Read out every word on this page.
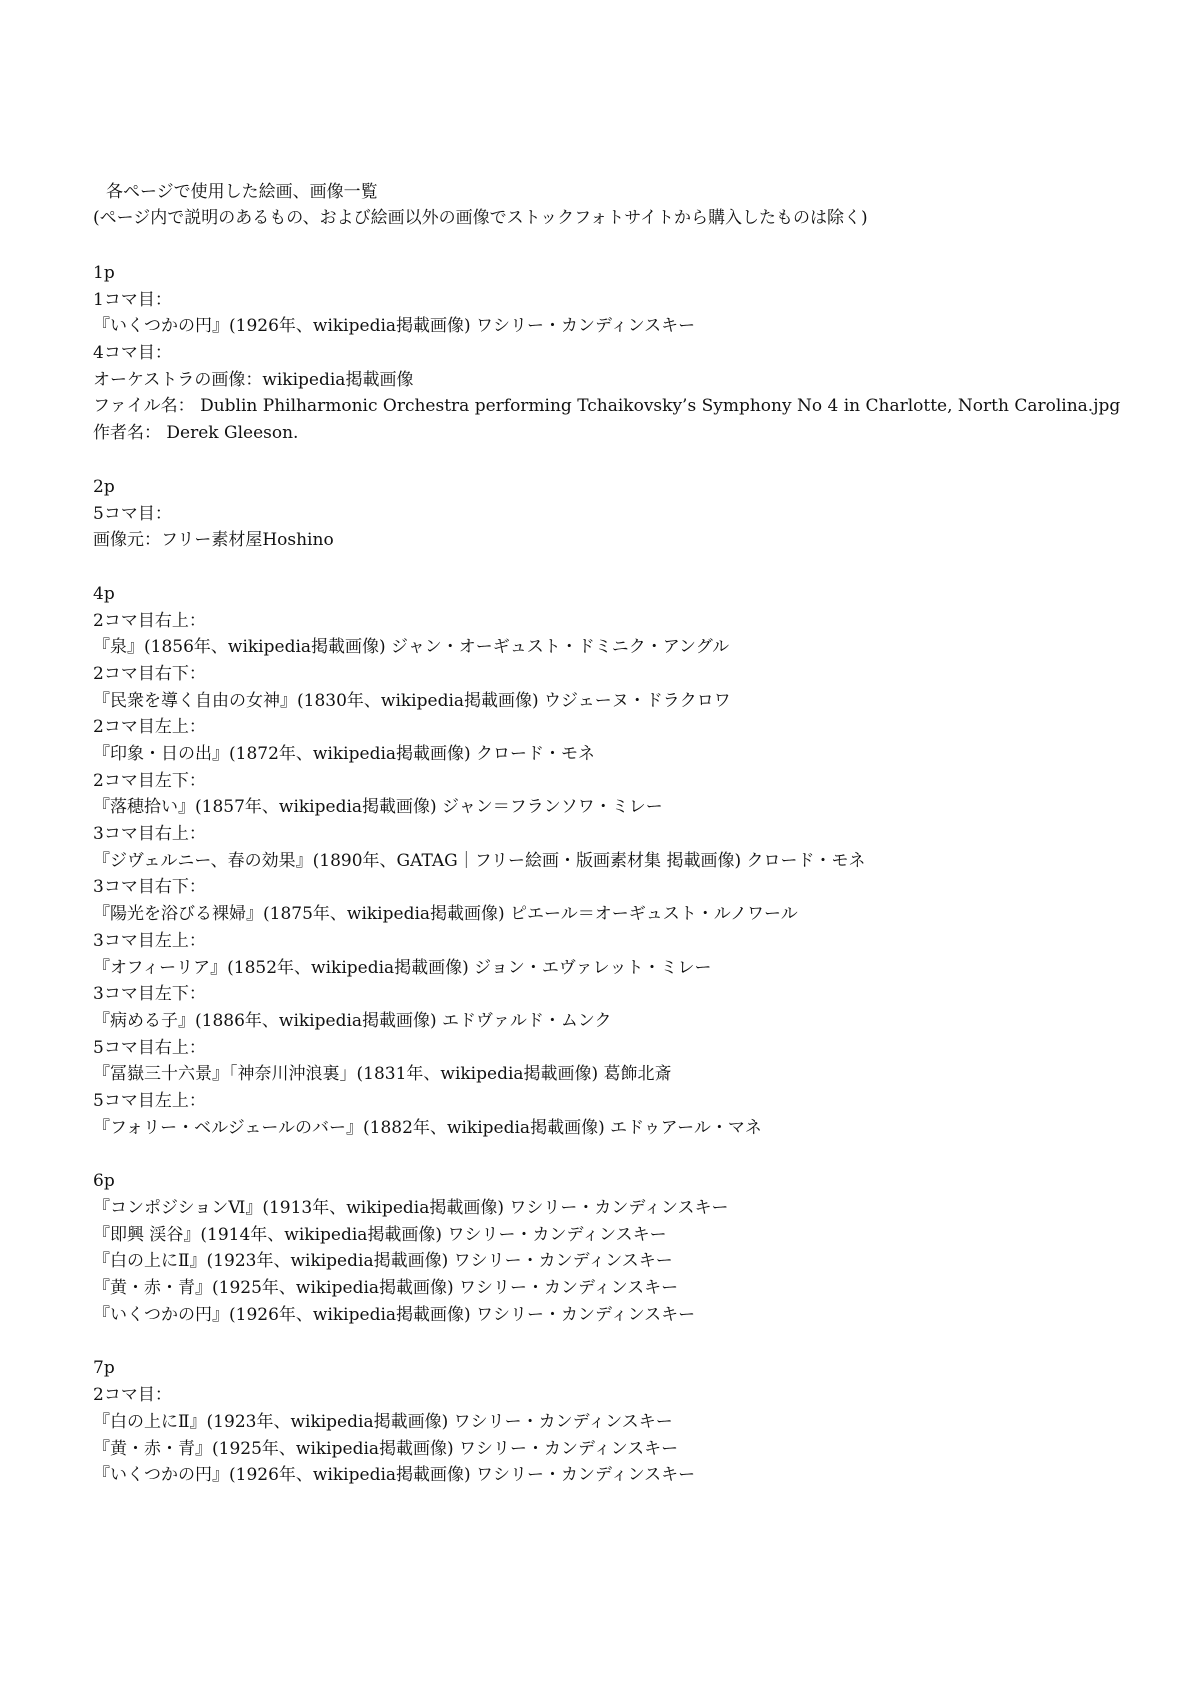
各ページで使用した絵画、画像一覧
(ページ内で説明のあるもの、および絵画以外の画像でストックフォトサイトから購入したものは除く)
1p
1コマ目：
『いくつかの円』(1926年、wikipedia掲載画像) ワシリー・カンディンスキー
4コマ目：
オーケストラの画像：wikipedia掲載画像
ファイル名： Dublin Philharmonic Orchestra performing Tchaikovsky’s Symphony No 4 in Charlotte, North Carolina.jpg
作者名： Derek Gleeson.
2p
5コマ目：
画像元：フリー素材屋Hoshino
4p
2コマ目右上：
『泉』(1856年、wikipedia掲載画像) ジャン・オーギュスト・ドミニク・アングル
2コマ目右下：
『民衆を導く自由の女神』(1830年、wikipedia掲載画像) ウジェーヌ・ドラクロワ
2コマ目左上：
『印象・日の出』(1872年、wikipedia掲載画像) クロード・モネ
2コマ目左下：
『落穂拾い』(1857年、wikipedia掲載画像) ジャン＝フランソワ・ミレー
3コマ目右上：
『ジヴェルニー、春の効果』(1890年、GATAG｜フリー絵画・版画素材集 掲載画像) クロード・モネ
3コマ目右下：
『陽光を浴びる裸婦』(1875年、wikipedia掲載画像) ピエール＝オーギュスト・ルノワール
3コマ目左上：
『オフィーリア』(1852年、wikipedia掲載画像) ジョン・エヴァレット・ミレー
3コマ目左下：
『病める子』(1886年、wikipedia掲載画像) エドヴァルド・ムンク
5コマ目右上：
『冨嶽三十六景』「神奈川沖浪裏」(1831年、wikipedia掲載画像) 葛飾北斎
5コマ目左上：
『フォリー・ベルジェールのバー』(1882年、wikipedia掲載画像) エドゥアール・マネ
6p
『コンポジションⅥ』(1913年、wikipedia掲載画像) ワシリー・カンディンスキー
『即興 渓谷』(1914年、wikipedia掲載画像) ワシリー・カンディンスキー
『白の上にⅡ』(1923年、wikipedia掲載画像) ワシリー・カンディンスキー
『黄・赤・青』(1925年、wikipedia掲載画像) ワシリー・カンディンスキー
『いくつかの円』(1926年、wikipedia掲載画像) ワシリー・カンディンスキー
7p
2コマ目：
『白の上にⅡ』(1923年、wikipedia掲載画像) ワシリー・カンディンスキー
『黄・赤・青』(1925年、wikipedia掲載画像) ワシリー・カンディンスキー
『いくつかの円』(1926年、wikipedia掲載画像) ワシリー・カンディンスキー
